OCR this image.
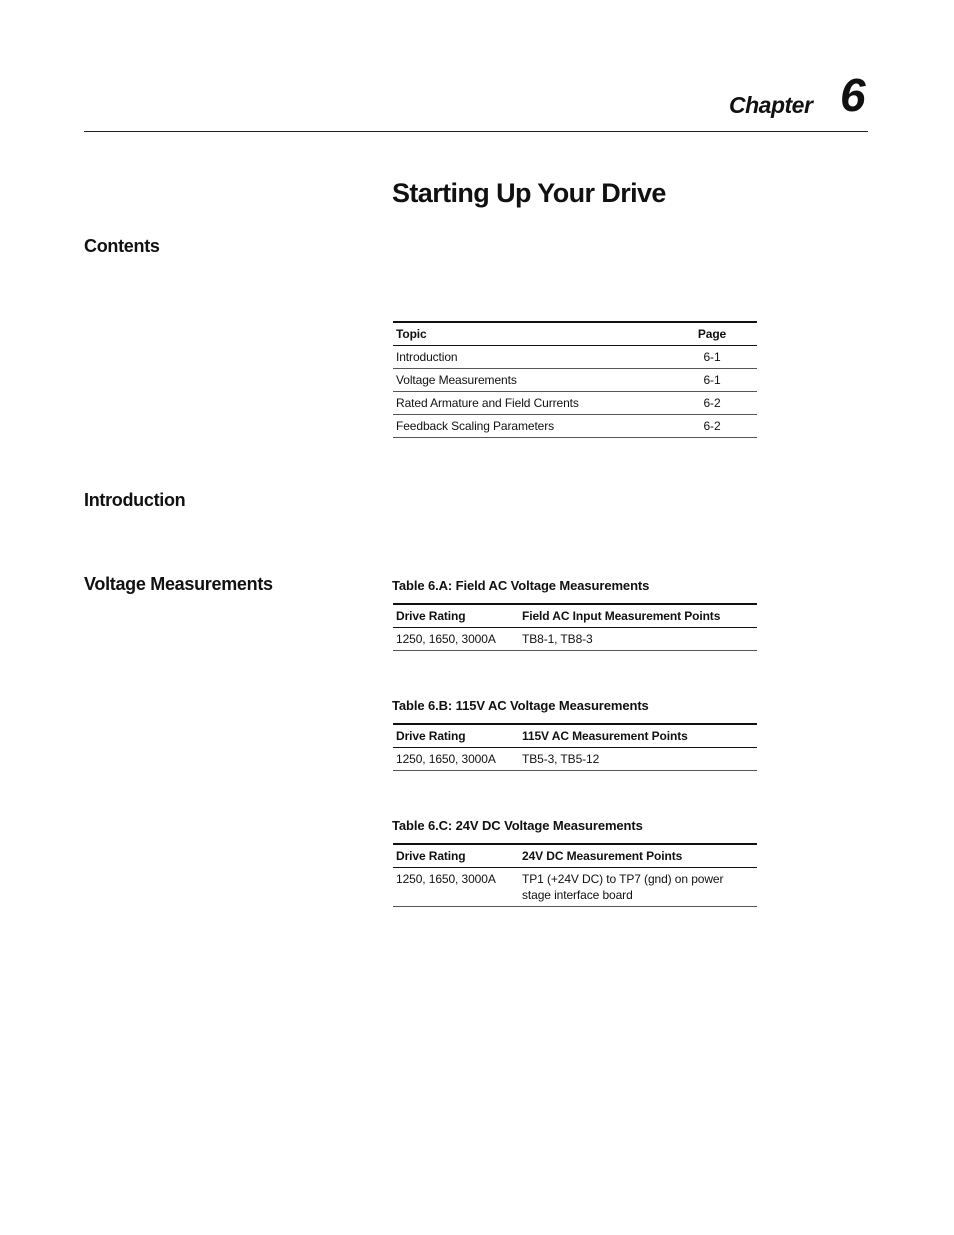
Chapter 6
Starting Up Your Drive
Contents
Introduction
Voltage Measurements
Topic	Page
Introduction	6-1
Voltage Measurements	6-1
Rated Armature and Field Currents	6-2
Feedback Scaling Parameters	6-2
Table 6.A: Field AC Voltage Measurements
Drive Rating	Field AC Input Measurement Points
1250, 1650, 3000A	TB8-1, TB8-3
Table 6.B: 115V AC Voltage Measurements
Drive Rating	115V AC Measurement Points
1250, 1650, 3000A	TB5-3, TB5-12
Table 6.C: 24V DC Voltage Measurements
Drive Rating	24V DC Measurement Points
1250, 1650, 3000A	TP1 (+24V DC) to TP7 (gnd) on power stage interface board
